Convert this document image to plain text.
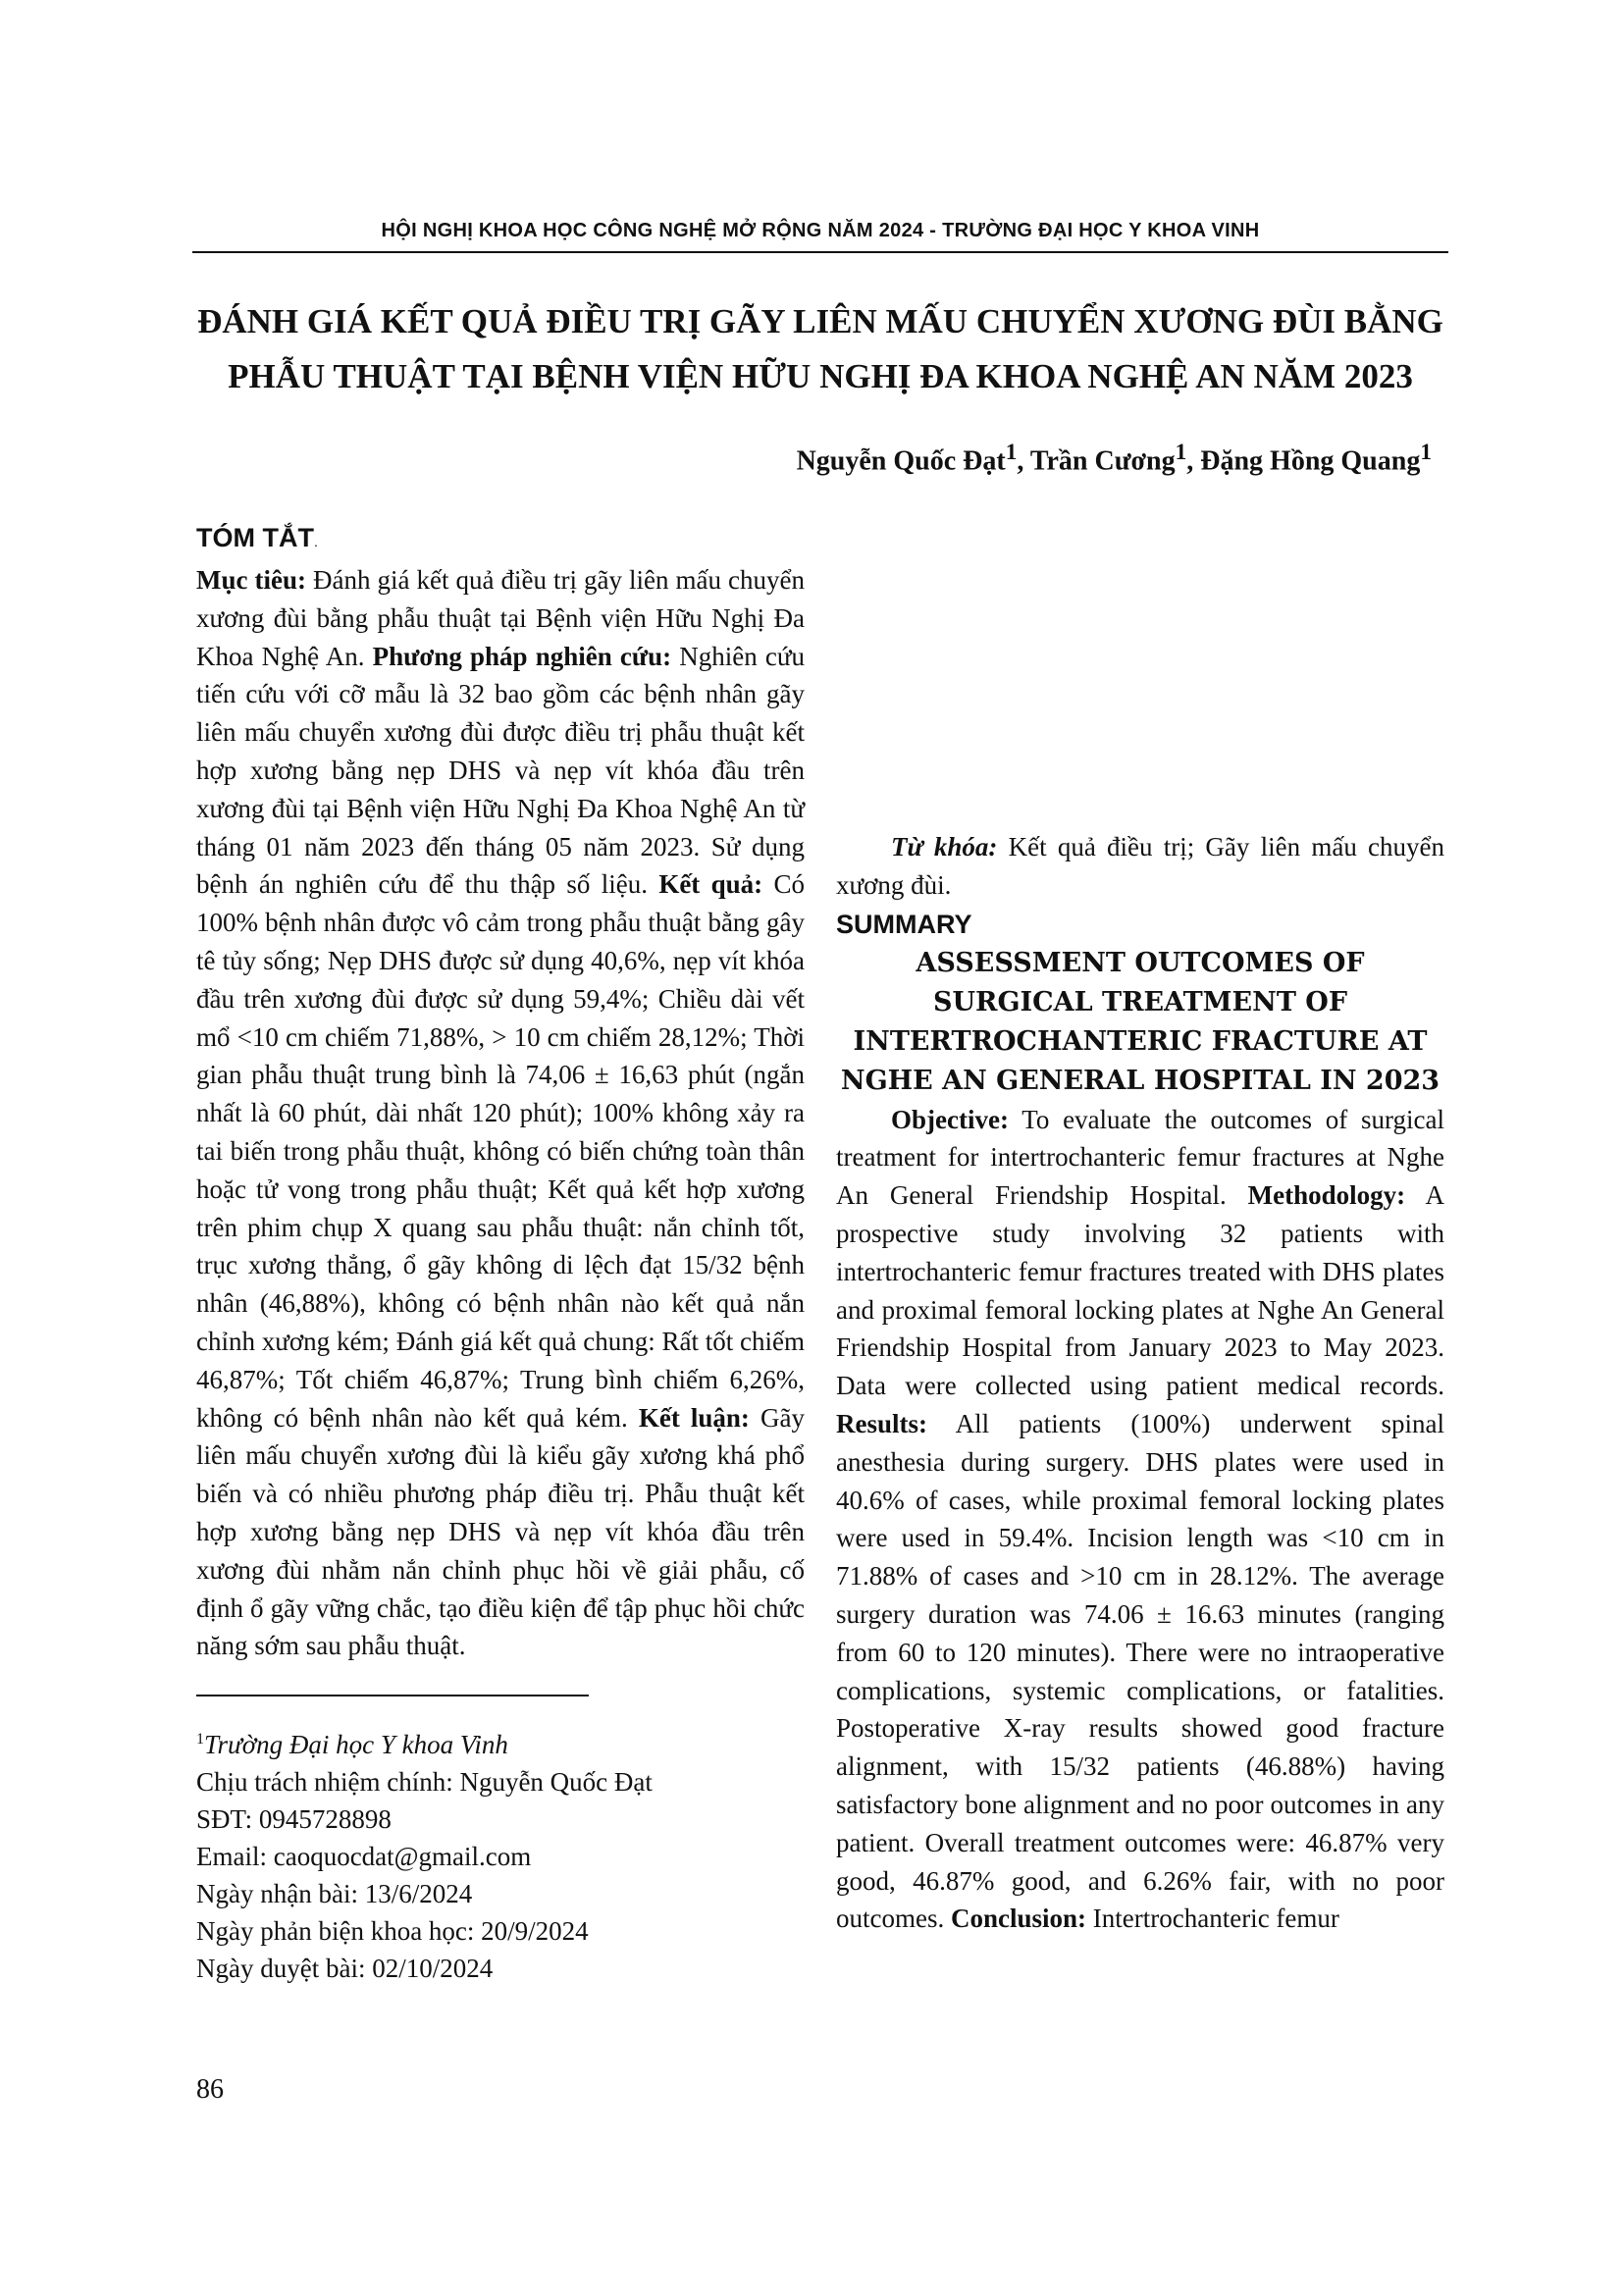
HỘI NGHỊ KHOA HỌC CÔNG NGHỆ MỞ RỘNG NĂM 2024 - TRƯỜNG ĐẠI HỌC Y KHOA VINH
ĐÁNH GIÁ KẾT QUẢ ĐIỀU TRỊ GÃY LIÊN MẤU CHUYỂN XƯƠNG ĐÙI BẰNG
PHẪU THUẬT TẠI BỆNH VIỆN HỮU NGHỊ ĐA KHOA NGHỆ AN NĂM 2023
Nguyễn Quốc Đạt$^1$, Trần Cương$^1$, Đặng Hồng Quang$^1$

TÓM TẮT.

Mục tiêu: Đánh giá kết quả điều trị gãy liên mấu chuyển xương đùi bằng phẫu thuật tại Bệnh viện Hữu Nghị Đa Khoa Nghệ An. Phương pháp nghiên cứu: Nghiên cứu tiến cứu với cỡ mẫu là 32 bao gồm các bệnh nhân gãy liên mấu chuyển xương đùi được điều trị phẫu thuật kết hợp xương bằng nẹp DHS và nẹp vít khóa đầu trên xương đùi tại Bệnh viện Hữu Nghị Đa Khoa Nghệ An từ tháng 01 năm 2023 đến tháng 05 năm 2023. Sử dụng bệnh án nghiên cứu để thu thập số liệu. Kết quả: Có 100% bệnh nhân được vô cảm trong phẫu thuật bằng gây tê tủy sống; Nẹp DHS được sử dụng 40,6%, nẹp vít khóa đầu trên xương đùi được sử dụng 59,4%; Chiều dài vết mổ <10 cm chiếm 71,88%, > 10 cm chiếm 28,12%; Thời gian phẫu thuật trung bình là 74,06 ± 16,63 phút (ngắn nhất là 60 phút, dài nhất 120 phút); 100% không xảy ra tai biến trong phẫu thuật, không có biến chứng toàn thân hoặc tử vong trong phẫu thuật; Kết quả kết hợp xương trên phim chụp X quang sau phẫu thuật: nắn chỉnh tốt, trục xương thẳng, ổ gãy không di lệch đạt 15/32 bệnh nhân (46,88%), không có bệnh nhân nào kết quả nắn chỉnh xương kém; Đánh giá kết quả chung: Rất tốt chiếm 46,87%; Tốt chiếm 46,87%; Trung bình chiếm 6,26%, không có bệnh nhân nào kết quả kém. Kết luận: Gãy liên mấu chuyển xương đùi là kiểu gãy xương khá phổ biến và có nhiều phương pháp điều trị. Phẫu thuật kết hợp xương bằng nẹp DHS và nẹp vít khóa đầu trên xương đùi nhằm nắn chỉnh phục hồi về giải phẫu, cố định ổ gãy vững chắc, tạo điều kiện để tập phục hồi chức năng sớm sau phẫu thuật.

Từ khóa: Kết quả điều trị; Gãy liên mấu chuyển xương đùi.

SUMMARY

ASSESSMENT OUTCOMES OF
SURGICAL TREATMENT OF
INTERTROCHANTERIC FRACTURE AT
NGHE AN GENERAL HOSPITAL IN 2023

Objective: To evaluate the outcomes of surgical treatment for intertrochanteric femur fractures at Nghe An General Friendship Hospital. Methodology: A prospective study involving 32 patients with intertrochanteric femur fractures treated with DHS plates and proximal femoral locking plates at Nghe An General Friendship Hospital from January 2023 to May 2023. Data were collected using patient medical records. Results: All patients (100%) underwent spinal anesthesia during surgery. DHS plates were used in 40.6% of cases, while proximal femoral locking plates were used in 59.4%. Incision length was <10 cm in 71.88% of cases and >10 cm in 28.12%. The average surgery duration was 74.06 ± 16.63 minutes (ranging from 60 to 120 minutes). There were no intraoperative complications, systemic complications, or fatalities. Postoperative X-ray results showed good fracture alignment, with 15/32 patients (46.88%) having satisfactory bone alignment and no poor outcomes in any patient. Overall treatment outcomes were: 46.87% very good, 46.87% good, and 6.26% fair, with no poor outcomes. Conclusion: Intertrochanteric femur

$^1$Trường Đại học Y khoa Vinh
Chịu trách nhiệm chính: Nguyễn Quốc Đạt
SĐT: 0945728898
Email: caoquocdat@gmail.com
Ngày nhận bài: 13/6/2024
Ngày phản biện khoa học: 20/9/2024
Ngày duyệt bài: 02/10/2024
86
